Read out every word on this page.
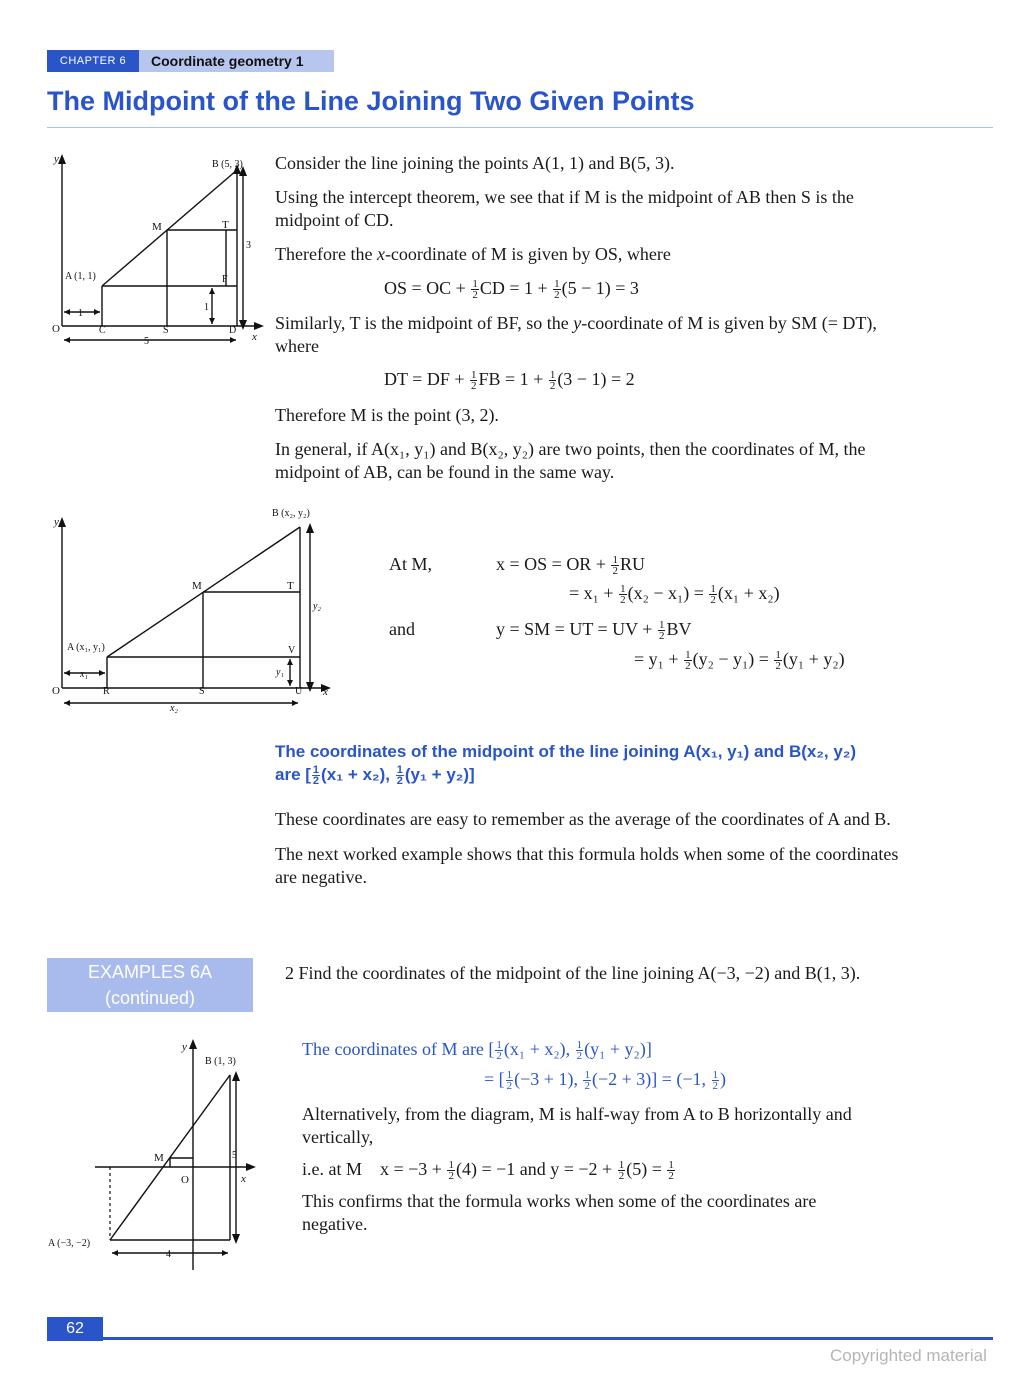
CHAPTER 6	Coordinate geometry 1
The Midpoint of the Line Joining Two Given Points
y
x
B (5, 3)
A (1, 1)
M	T
F
O	C	S	D
1
5
3
1
Consider the line joining the points A(1, 1) and B(5, 3).
Using the intercept theorem, we see that if M is the midpoint of AB then S is the
midpoint of CD.
Therefore the x-coordinate of M is given by OS, where
OS = OC + $\frac{1}{2}$ CD = $1 + \frac{1}{2} (5 - 1) = 3$
Similarly, T is the midpoint of BF, so the y-coordinate of M is given by SM (= DT),
where
DT = DF + $\frac{1}{2}$ FB = $1 + \frac{1}{2} (3 - 1) = 2$
Therefore M is the point (3, 2).
In general, if A(x₁, y₁) and B(x₂, y₂) are two points, then the coordinates of M, the
midpoint of AB, can be found in the same way.
y
x
B (x₂, y₂)
A (x₁, y₁)
M	T
V
O	R	S	U
x₁
x₂
y₂
y₁
At M,	x = OS = OR + $\frac{1}{2}$ RU
= $x_1 + \frac{1}{2} (x_2 - x_1) = \frac{1}{2} (x_1 + x_2)$
and	y = SM = UT = UV + $\frac{1}{2}$ BV
= $y_1 + \frac{1}{2} (y_2 - y_1) = \frac{1}{2} (y_1 + y_2)$
The coordinates of the midpoint of the line joining A(x₁, y₁) and B(x₂, y₂)
are [ $\frac{1}{2} (x_1 + x_2)$, $\frac{1}{2} (y_1 + y_2)$]
These coordinates are easy to remember as the average of the coordinates of A and B.
The next worked example shows that this formula holds when some of the coordinates
are negative.
EXAMPLES 6A
(continued)
2 Find the coordinates of the midpoint of the line joining A(−3, −2) and B(1, 3).
y
x
B (1, 3)
A (−3, −2)
M
O
5
4
The coordinates of M are [ $\frac{1}{2} (x_1 + x_2)$, $\frac{1}{2} (y_1 + y_2)$]
= [ $\frac{1}{2} (-3 + 1)$, $\frac{1}{2} (-2 + 3)] = (-1$, $\frac{1}{2}$ )
Alternatively, from the diagram, M is half-way from A to B horizontally and
vertically,
i.e. at M $x = -3 + \frac{1}{2} (4) = -1$ and $y = -2 + \frac{1}{2} (5) = \frac{1}{2}$
This confirms that the formula works when some of the coordinates are
negative.
62
Copyrighted material
